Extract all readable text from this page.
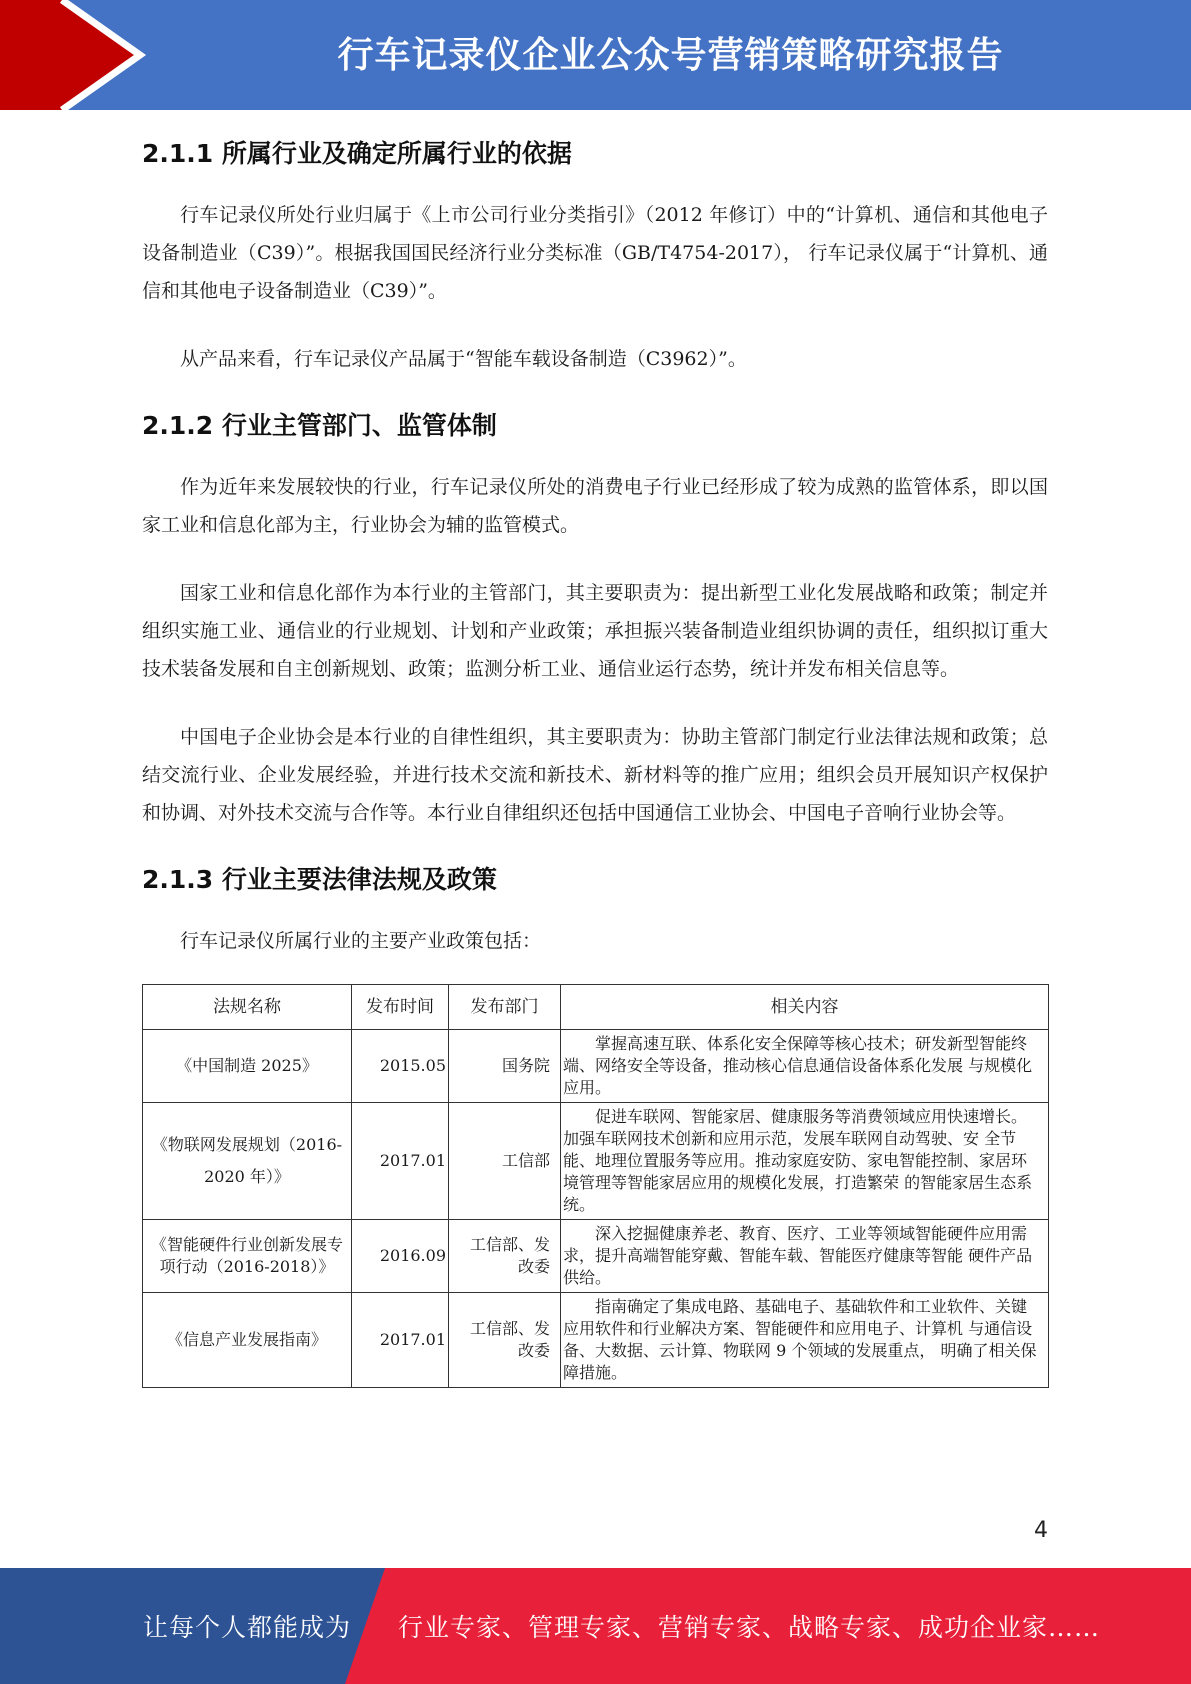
行车记录仪企业公众号营销策略研究报告
2.1.1 所属行业及确定所属行业的依据

行车记录仪所处行业归属于《上市公司行业分类指引》（2012 年修订）中的“计算机、通信和其他电子设备制造业（C39）”。根据我国国民经济行业分类标准（GB/T4754-2017）， 行车记录仪属于“计算机、通信和其他电子设备制造业（C39）”。

从产品来看，行车记录仪产品属于“智能车载设备制造（C3962）”。

2.1.2 行业主管部门、监管体制

作为近年来发展较快的行业，行车记录仪所处的消费电子行业已经形成了较为成熟的监管体系，即以国家工业和信息化部为主，行业协会为辅的监管模式。

国家工业和信息化部作为本行业的主管部门，其主要职责为：提出新型工业化发展战略和政策；制定并组织实施工业、通信业的行业规划、计划和产业政策；承担振兴装备制造业组织协调的责任，组织拟订重大技术装备发展和自主创新规划、政策；监测分析工业、通信业运行态势，统计并发布相关信息等。

中国电子企业协会是本行业的自律性组织，其主要职责为：协助主管部门制定行业法律法规和政策；总结交流行业、企业发展经验，并进行技术交流和新技术、新材料等的推广应用；组织会员开展知识产权保护和协调、对外技术交流与合作等。本行业自律组织还包括中国通信工业协会、中国电子音响行业协会等。

2.1.3 行业主要法律法规及政策

行车记录仪所属行业的主要产业政策包括：

法规名称	发布时间	发布部门	相关内容
《中国制造 2025》	2015.05	国务院	掌握高速互联、体系化安全保障等核心技术；研发新型智能终端、网络安全等设备，推动核心信息通信设备体系化发展 与规模化应用。
《物联网发展规划（2016-2020 年）》	2017.01	工信部	促进车联网、智能家居、健康服务等消费领域应用快速增长。 加强车联网技术创新和应用示范，发展车联网自动驾驶、安 全节能、地理位置服务等应用。推动家庭安防、家电智能控制、家居环境管理等智能家居应用的规模化发展，打造繁荣 的智能家居生态系统。
《智能硬件行业创新发展专项行动（2016-2018）》	2016.09	工信部、发 改委	深入挖掘健康养老、教育、医疗、工业等领域智能硬件应用需求，提升高端智能穿戴、智能车载、智能医疗健康等智能 硬件产品供给。
《信息产业发展指南》	2017.01	工信部、发 改委	指南确定了集成电路、基础电子、基础软件和工业软件、关键应用软件和行业解决方案、智能硬件和应用电子、计算机 与通信设备、大数据、云计算、物联网 9 个领域的发展重点， 明确了相关保障措施。
4
让每个人都能成为 行业专家、管理专家、营销专家、战略专家、成功企业家……
